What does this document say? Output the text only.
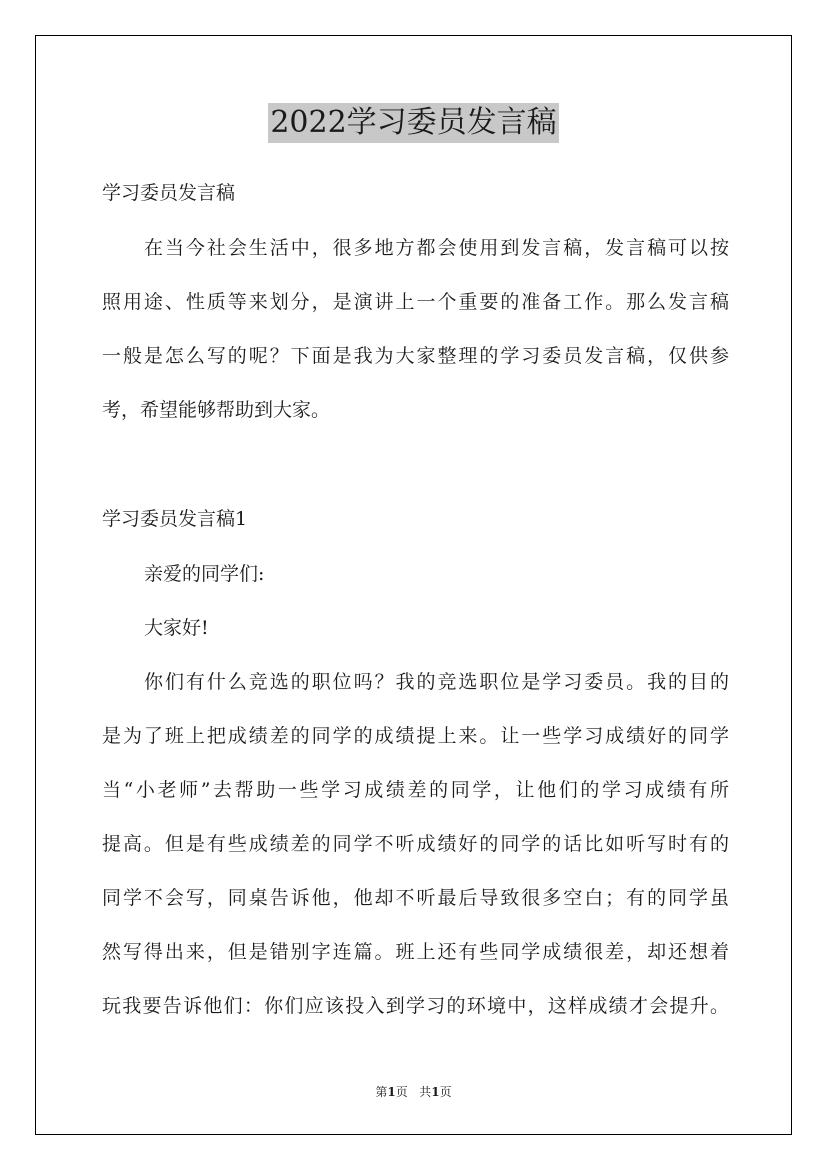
2022学习委员发言稿
学习委员发言稿
在当今社会生活中，很多地方都会使用到发言稿，发言稿可以按
照用途、性质等来划分，是演讲上一个重要的准备工作。那么发言稿
一般是怎么写的呢？下面是我为大家整理的学习委员发言稿，仅供参
考，希望能够帮助到大家。
学习委员发言稿1
亲爱的同学们:
大家好!
你们有什么竞选的职位吗？我的竞选职位是学习委员。我的目的
是为了班上把成绩差的同学的成绩提上来。让一些学习成绩好的同学
当“小老师”去帮助一些学习成绩差的同学，让他们的学习成绩有所
提高。但是有些成绩差的同学不听成绩好的同学的话比如听写时有的
同学不会写，同桌告诉他，他却不听最后导致很多空白；有的同学虽
然写得出来，但是错别字连篇。班上还有些同学成绩很差，却还想着
玩我要告诉他们：你们应该投入到学习的环境中，这样成绩才会提升。
第1页 共1页
